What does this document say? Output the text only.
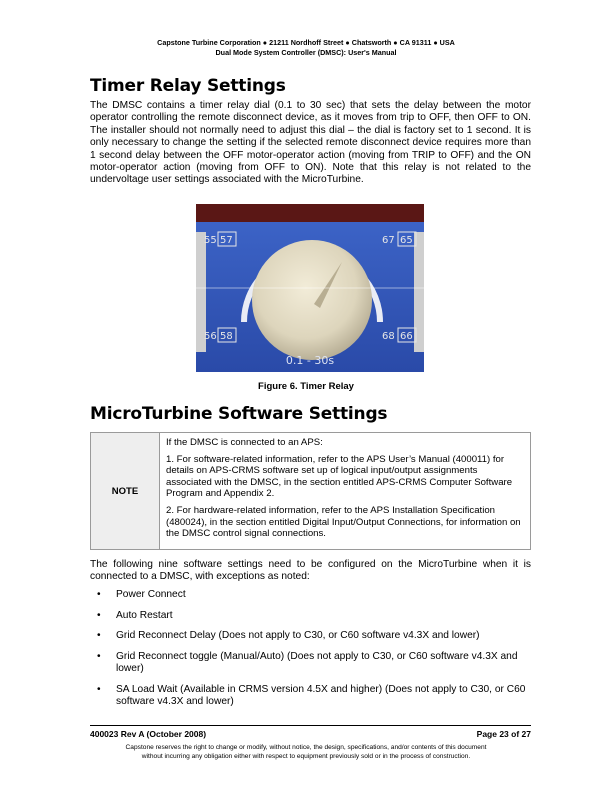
Capstone Turbine Corporation ● 21211 Nordhoff Street ● Chatsworth ● CA 91311 ● USA
Dual Mode System Controller (DMSC): User's Manual
Timer Relay Settings
The DMSC contains a timer relay dial (0.1 to 30 sec) that sets the delay between the motor operator controlling the remote disconnect device, as it moves from trip to OFF, then OFF to ON. The installer should not normally need to adjust this dial – the dial is factory set to 1 second. It is only necessary to change the setting if the selected remote disconnect device requires more than 1 second delay between the OFF motor-operator action (moving from TRIP to OFF) and the ON motor-operator action (moving from OFF to ON). Note that this relay is not related to the undervoltage user settings associated with the MicroTurbine.
55 57	67 65
56 58	68 66
0.1 - 30s
Figure 6. Timer Relay
MicroTurbine Software Settings
NOTE

If the DMSC is connected to an APS:

1. For software-related information, refer to the APS User’s Manual (400011) for details on APS-CRMS software set up of logical input/output assignments associated with the DMSC, in the section entitled APS-CRMS Computer Software Program and Appendix 2.

2. For hardware-related information, refer to the APS Installation Specification (480024), in the section entitled Digital Input/Output Connections, for information on the DMSC control signal connections.

The following nine software settings need to be configured on the MicroTurbine when it is connected to a DMSC, with exceptions as noted:
• Power Connect
• Auto Restart
• Grid Reconnect Delay (Does not apply to C30, or C60 software v4.3X and lower)
• Grid Reconnect toggle (Manual/Auto) (Does not apply to C30, or C60 software v4.3X and lower)
• SA Load Wait (Available in CRMS version 4.5X and higher) (Does not apply to C30, or C60 software v4.3X and lower)
400023 Rev A (October 2008)	Page 23 of 27
Capstone reserves the right to change or modify, without notice, the design, specifications, and/or contents of this document
without incurring any obligation either with respect to equipment previously sold or in the process of construction.
